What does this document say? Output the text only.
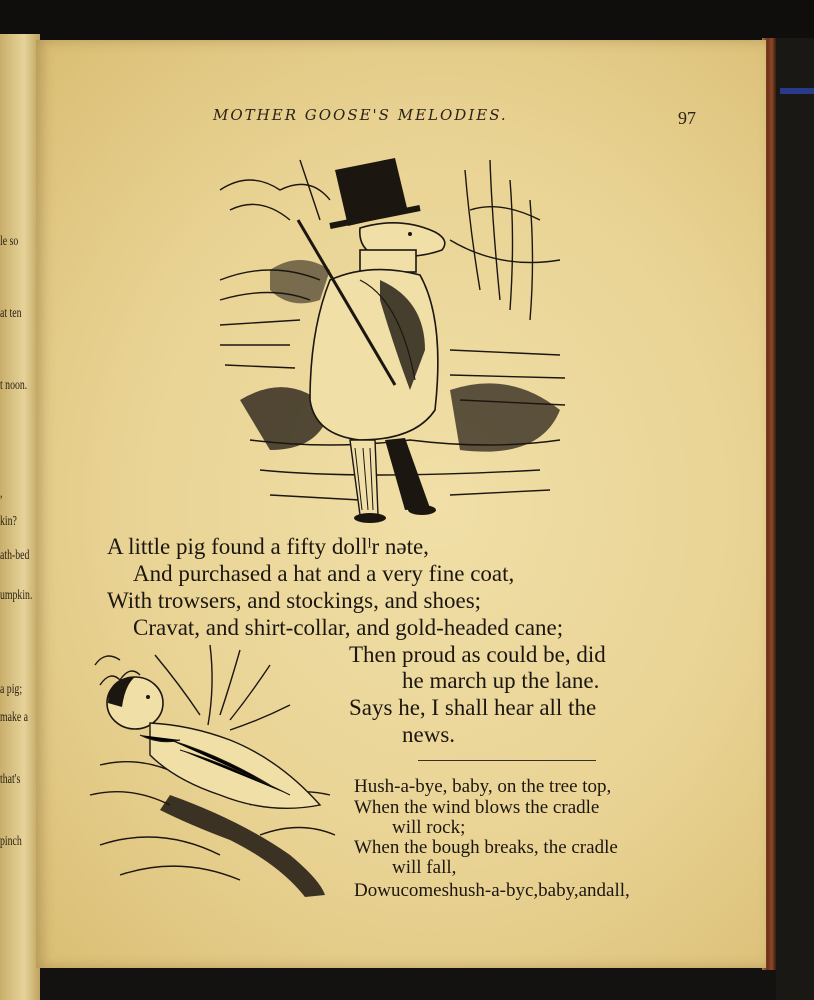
le so
at ten
t noon.
,
kin?
ath-bed
umpkin.
a pig;
make a
that's
pinch
MOTHER GOOSE'S MELODIES.	97

A little pig found a fifty dollˡr nəte,

And purchased a hat and a very fine coat,

With trowsers, and stockings, and shoes;

Cravat, and shirt-collar, and gold-headed cane;

Then proud as could be, did

he march up the lane.

Says he, I shall hear all the

news.

Hush-a-bye, baby, on the tree top,

When the wind blows the cradle

will rock;

When the bough breaks, the cradle

will fall,

Dowucomeshush-a-byc,baby,andall,
